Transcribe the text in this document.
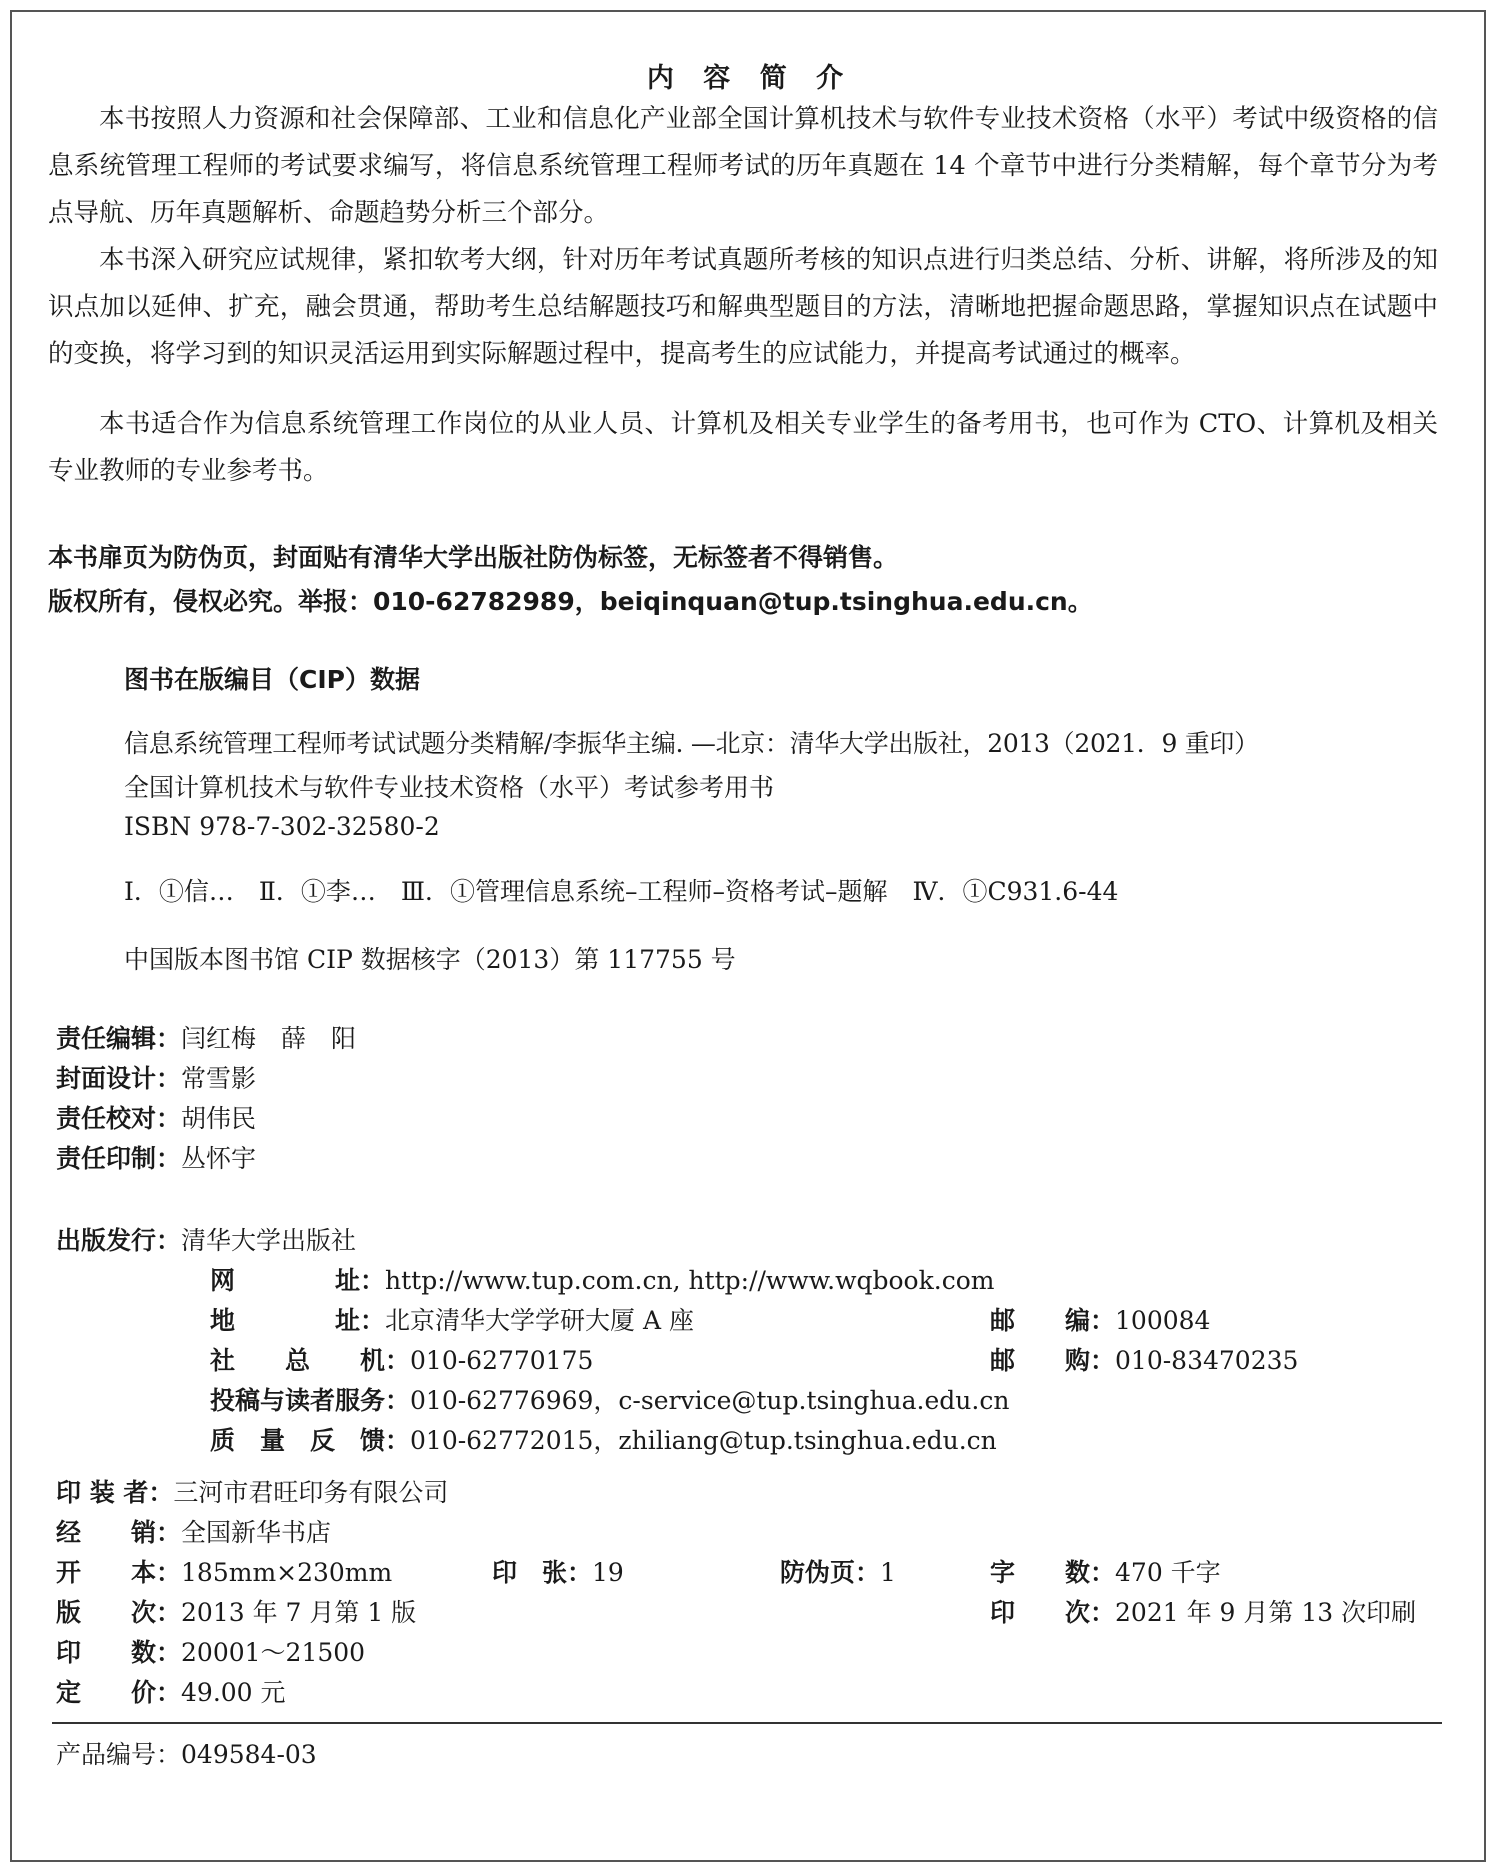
内 容 简 介

本书按照人力资源和社会保障部、工业和信息化产业部全国计算机技术与软件专业技术资格（水平）考试中级资格的信息系统管理工程师的考试要求编写，将信息系统管理工程师考试的历年真题在 14 个章节中进行分类精解，每个章节分为考点导航、历年真题解析、命题趋势分析三个部分。

本书深入研究应试规律，紧扣软考大纲，针对历年考试真题所考核的知识点进行归类总结、分析、讲解，将所涉及的知识点加以延伸、扩充，融会贯通，帮助考生总结解题技巧和解典型题目的方法，清晰地把握命题思路，掌握知识点在试题中的变换，将学习到的知识灵活运用到实际解题过程中，提高考生的应试能力，并提高考试通过的概率。

本书适合作为信息系统管理工作岗位的从业人员、计算机及相关专业学生的备考用书，也可作为 CTO、计算机及相关专业教师的专业参考书。

本书扉页为防伪页，封面贴有清华大学出版社防伪标签，无标签者不得销售。
版权所有，侵权必究。举报：010-62782989，beiqinquan@tup.tsinghua.edu.cn。
图书在版编目（CIP）数据
信息系统管理工程师考试试题分类精解/李振华主编. —北京：清华大学出版社，2013（2021．9 重印）
全国计算机技术与软件专业技术资格（水平）考试参考用书
ISBN 978-7-302-32580-2
Ⅰ．①信…　Ⅱ．①李…　Ⅲ．①管理信息系统–工程师–资格考试–题解　Ⅳ．①C931.6-44
中国版本图书馆 CIP 数据核字（2013）第 117755 号
责任编辑：闫红梅　薛　阳
封面设计：常雪影
责任校对：胡伟民
责任印制：丛怀宇
出版发行：清华大学出版社
网　　　　址：http://www.tup.com.cn, http://www.wqbook.com
地　　　　址：北京清华大学学研大厦 A 座	邮　　编：100084
社　　总　　机：010-62770175	邮　　购：010-83470235
投稿与读者服务：010-62776969，c-service@tup.tsinghua.edu.cn
质　量　反　馈：010-62772015，zhiliang@tup.tsinghua.edu.cn
印 装 者：三河市君旺印务有限公司
经　　销：全国新华书店
开　　本：185mm×230mm	印　张：19	防伪页：1	字　　数：470 千字
版　　次：2013 年 7 月第 1 版	印　　次：2021 年 9 月第 13 次印刷
印　　数：20001～21500
定　　价：49.00 元
产品编号：049584-03
